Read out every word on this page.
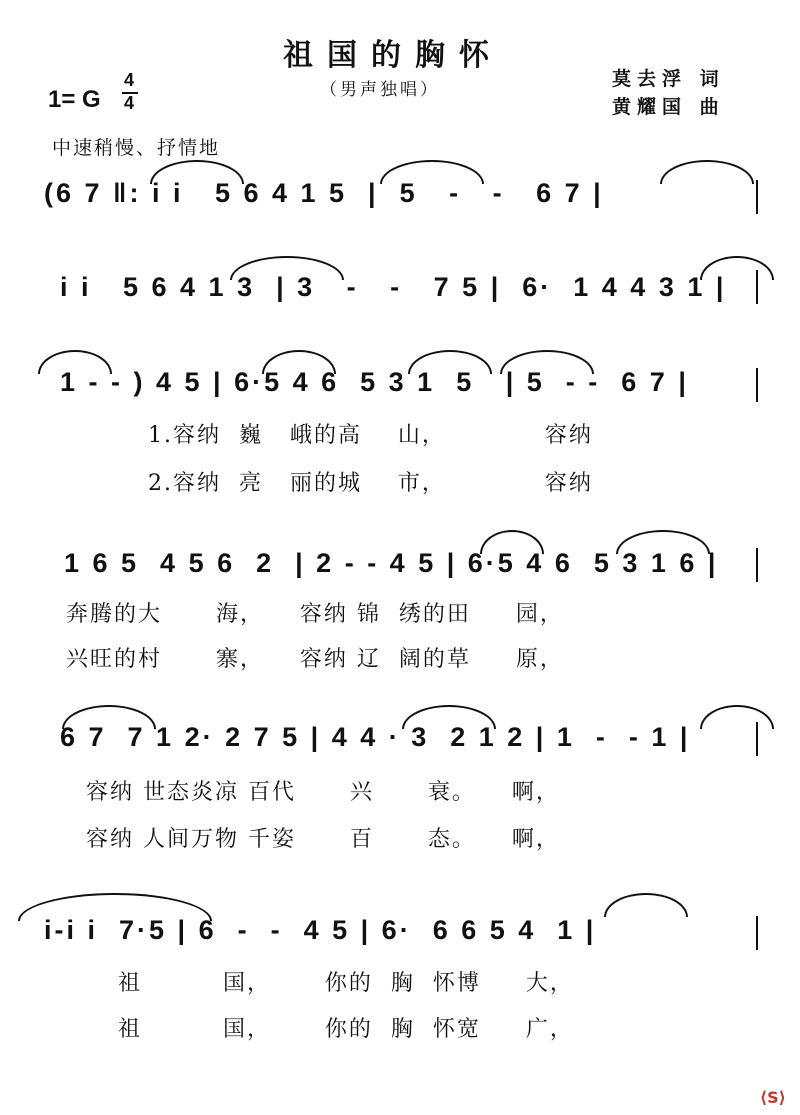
祖国的胸怀
（男声独唱）	莫去浮 词
黄耀国 曲
1= G
4
4
中速稍慢、抒情地
(6 7 ‖: i i   5 6 4 1 5  |  5   -   -   6 7 |
i i   5 6 4 1 3  | 3   -   -   7 5 |  6·  1 4 4 3 1 |
1 - - ) 4 5 | 6·5 4 6  5 3 1  5   | 5  - -  6 7 |
1.容纳  巍   峨的高    山，           容纳
2.容纳  亮   丽的城    市，           容纳
1 6 5  4 5 6  2  | 2 - - 4 5 | 6·5 4 6  5 3 1 6 |
奔腾的大      海，    容纳 锦  绣的田     园，
兴旺的村      寨，    容纳 辽  阔的草     原，
6 7  7 1 2· 2 7 5 | 4 4 · 3  2 1 2 | 1  -  - 1 |
容纳 世态炎凉 百代      兴      衰。    啊，
容纳 人间万物 千姿      百      态。    啊，
i-i i  7·5 | 6  -  -  4 5 | 6·  6 6 5 4  1 |
祖         国，      你的  胸  怀博     大，
祖         国，      你的  胸  怀宽     广，
⟨S⟩
